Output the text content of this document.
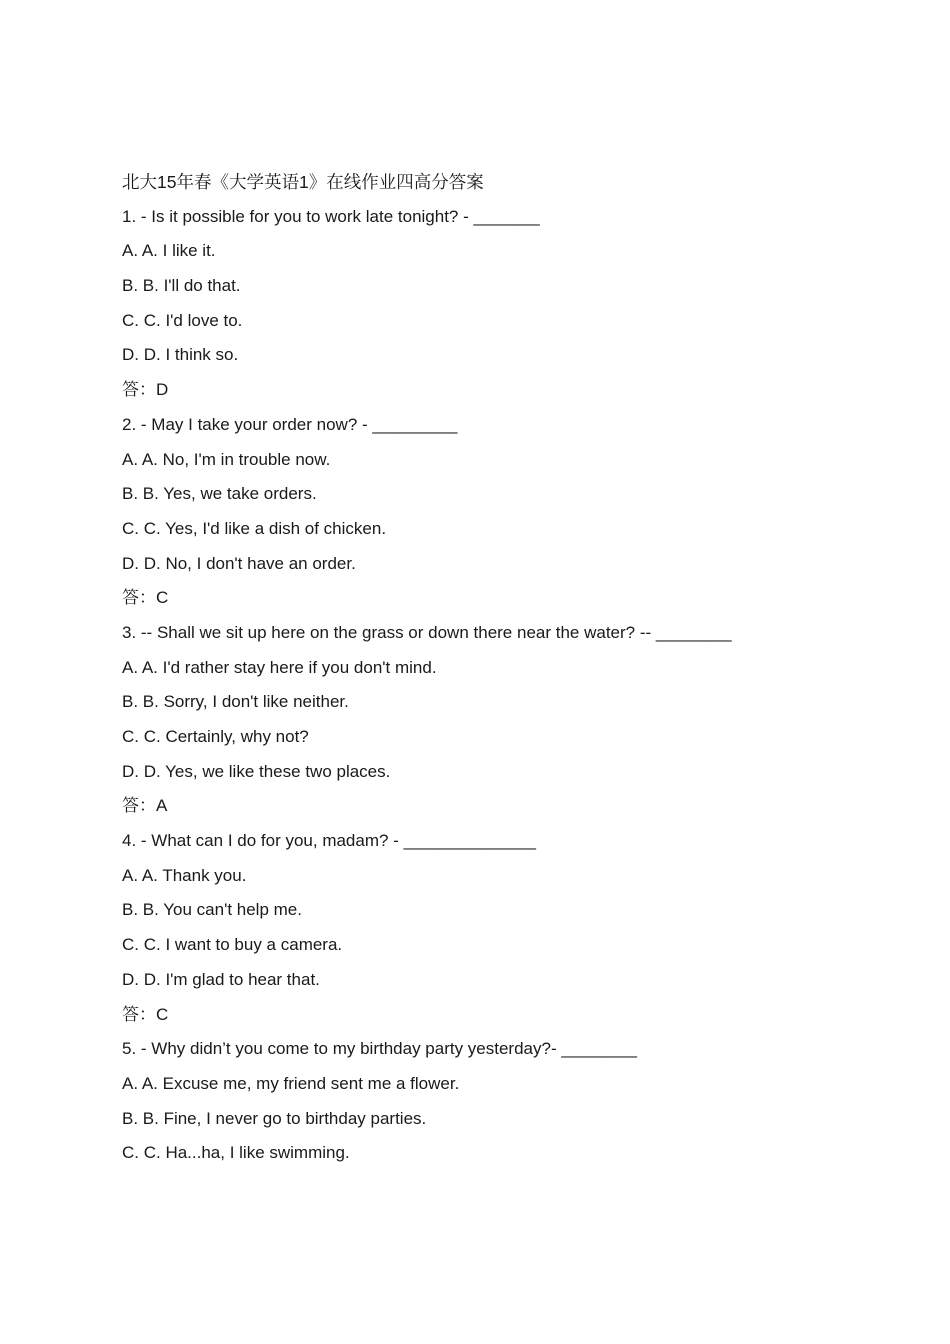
北大15年春《大学英语1》在线作业四高分答案
1. - Is it possible for you to work late tonight? - _______
A. A. I like it.
B. B. I'll do that.
C. C. I'd love to.
D. D. I think so.
答：D
2. - May I take your order now? - _________
A. A. No, I'm in trouble now.
B. B. Yes, we take orders.
C. C. Yes, I'd like a dish of chicken.
D. D. No, I don't have an order.
答：C
3. -- Shall we sit up here on the grass or down there near the water? -- ________
A. A. I'd rather stay here if you don't mind.
B. B. Sorry, I don't like neither.
C. C. Certainly, why not?
D. D. Yes, we like these two places.
答：A
4. - What can I do for you, madam? - ______________
A. A. Thank you.
B. B. You can't help me.
C. C. I want to buy a camera.
D. D. I'm glad to hear that.
答：C
5. - Why didn’t you come to my birthday party yesterday?- ________
A. A. Excuse me, my friend sent me a flower.
B. B. Fine, I never go to birthday parties.
C. C. Ha...ha, I like swimming.
